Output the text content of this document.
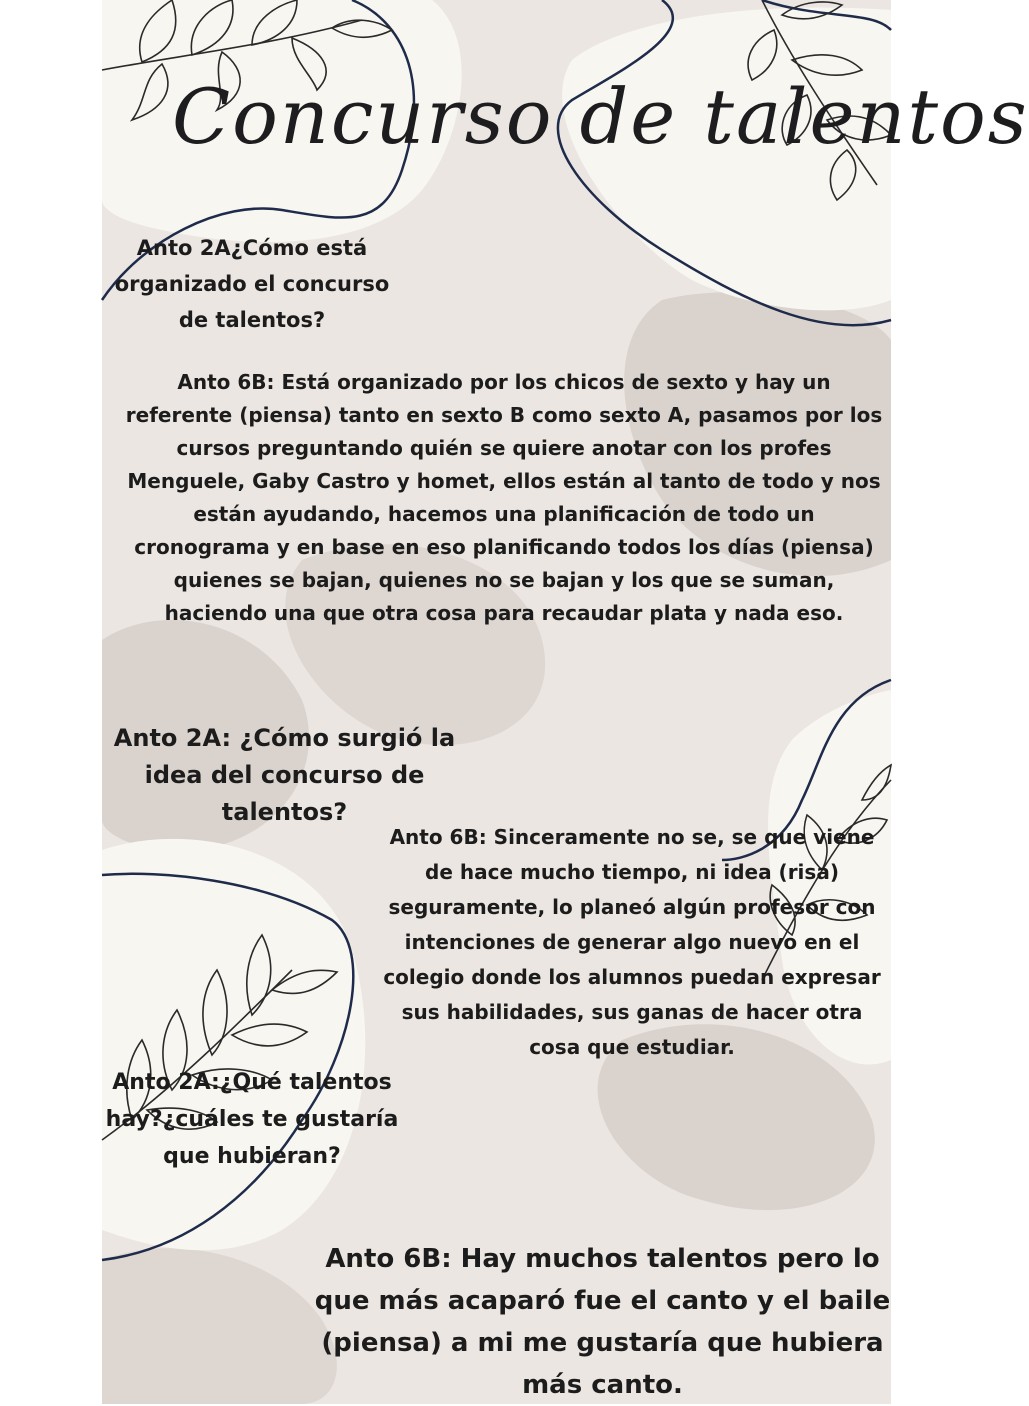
Concurso de talentos
Anto 2A¿Cómo está organizado el concurso de talentos?
Anto 6B: Está organizado por los chicos de sexto y hay un referente (piensa) tanto en sexto B como sexto A, pasamos por los cursos preguntando quién se quiere anotar con los profes Menguele, Gaby Castro y homet, ellos están al tanto de todo y nos están ayudando, hacemos una planificación de todo un cronograma y en base en eso planificando todos los días (piensa) quienes se bajan, quienes no se bajan y los que se suman, haciendo una que otra cosa para recaudar plata y nada eso.
Anto 2A: ¿Cómo surgió la idea del concurso de talentos?
Anto 6B: Sinceramente no se, se que viene de hace mucho tiempo, ni idea (risa) seguramente, lo planeó algún profesor con intenciones de generar algo nuevo en el colegio donde los alumnos puedan expresar sus habilidades, sus ganas de hacer otra cosa que estudiar.
Anto 2A:¿Qué talentos hay?¿cuáles te gustaría que hubieran?
Anto 6B: Hay muchos talentos pero lo que más acaparó fue el canto y el baile (piensa) a mi me gustaría que hubiera más canto.
